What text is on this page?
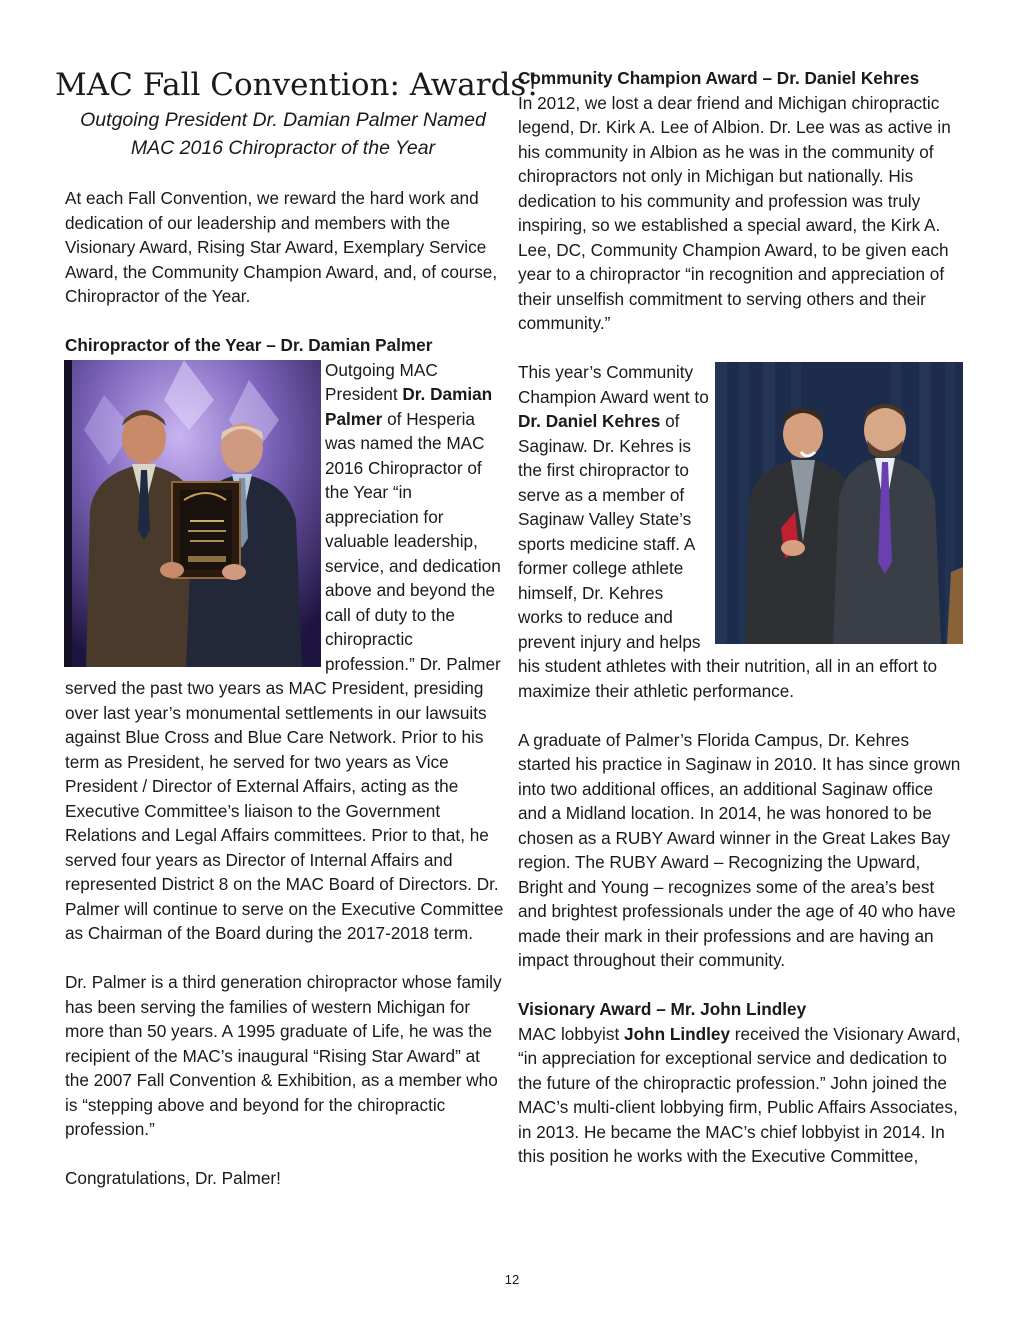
MAC Fall Convention: Awards!
Outgoing President Dr. Damian Palmer Named
MAC 2016 Chiropractor of the Year

At each Fall Convention, we reward the hard work and dedication of our leadership and members with the Visionary Award, Rising Star Award, Exemplary Service Award, the Community Champion Award, and, of course, Chiropractor of the Year.

Chiropractor of the Year – Dr. Damian Palmer

Outgoing MAC President Dr. Damian Palmer of Hesperia was named the MAC 2016 Chiropractor of the Year “in appreciation for valuable leadership, service, and dedication above and beyond the call of duty to the chiropractic profession.” Dr. Palmer served the past two years as MAC President, presiding over last year’s monumental settlements in our lawsuits against Blue Cross and Blue Care Network. Prior to his term as President, he served for two years as Vice President / Director of External Affairs, acting as the Executive Committee’s liaison to the Government Relations and Legal Affairs committees. Prior to that, he served four years as Director of Internal Affairs and represented District 8 on the MAC Board of Directors. Dr. Palmer will continue to serve on the Executive Committee as Chairman of the Board during the 2017-2018 term.

Dr. Palmer is a third generation chiropractor whose family has been serving the families of western Michigan for more than 50 years. A 1995 graduate of Life, he was the recipient of the MAC’s inaugural “Rising Star Award” at the 2007 Fall Convention & Exhibition, as a member who is “stepping above and beyond for the chiropractic profession.”

Congratulations, Dr. Palmer!

Community Champion Award – Dr. Daniel Kehres

In 2012, we lost a dear friend and Michigan chiropractic legend, Dr. Kirk A. Lee of Albion. Dr. Lee was as active in his community in Albion as he was in the community of chiropractors not only in Michigan but nationally. His dedication to his community and profession was truly inspiring, so we established a special award, the Kirk A. Lee, DC, Community Champion Award, to be given each year to a chiropractor “in recognition and appreciation of their unselfish commitment to serving others and their community.”

This year’s Community Champion Award went to Dr. Daniel Kehres of Saginaw. Dr. Kehres is the first chiropractor to serve as a member of Saginaw Valley State’s sports medicine staff. A former college athlete himself, Dr. Kehres works to reduce and prevent injury and helps his student athletes with their nutrition, all in an effort to maximize their athletic performance.

A graduate of Palmer’s Florida Campus, Dr. Kehres started his practice in Saginaw in 2010. It has since grown into two additional offices, an additional Saginaw office and a Midland location. In 2014, he was honored to be chosen as a RUBY Award winner in the Great Lakes Bay region. The RUBY Award – Recognizing the Upward, Bright and Young – recognizes some of the area’s best and brightest professionals under the age of 40 who have made their mark in their professions and are having an impact throughout their community.

Visionary Award – Mr. John Lindley

MAC lobbyist John Lindley received the Visionary Award, “in appreciation for exceptional service and dedication to the future of the chiropractic profession.” John joined the MAC’s multi-client lobbying firm, Public Affairs Associates, in 2013. He became the MAC’s chief lobbyist in 2014. In this position he works with the Executive Committee,

12
